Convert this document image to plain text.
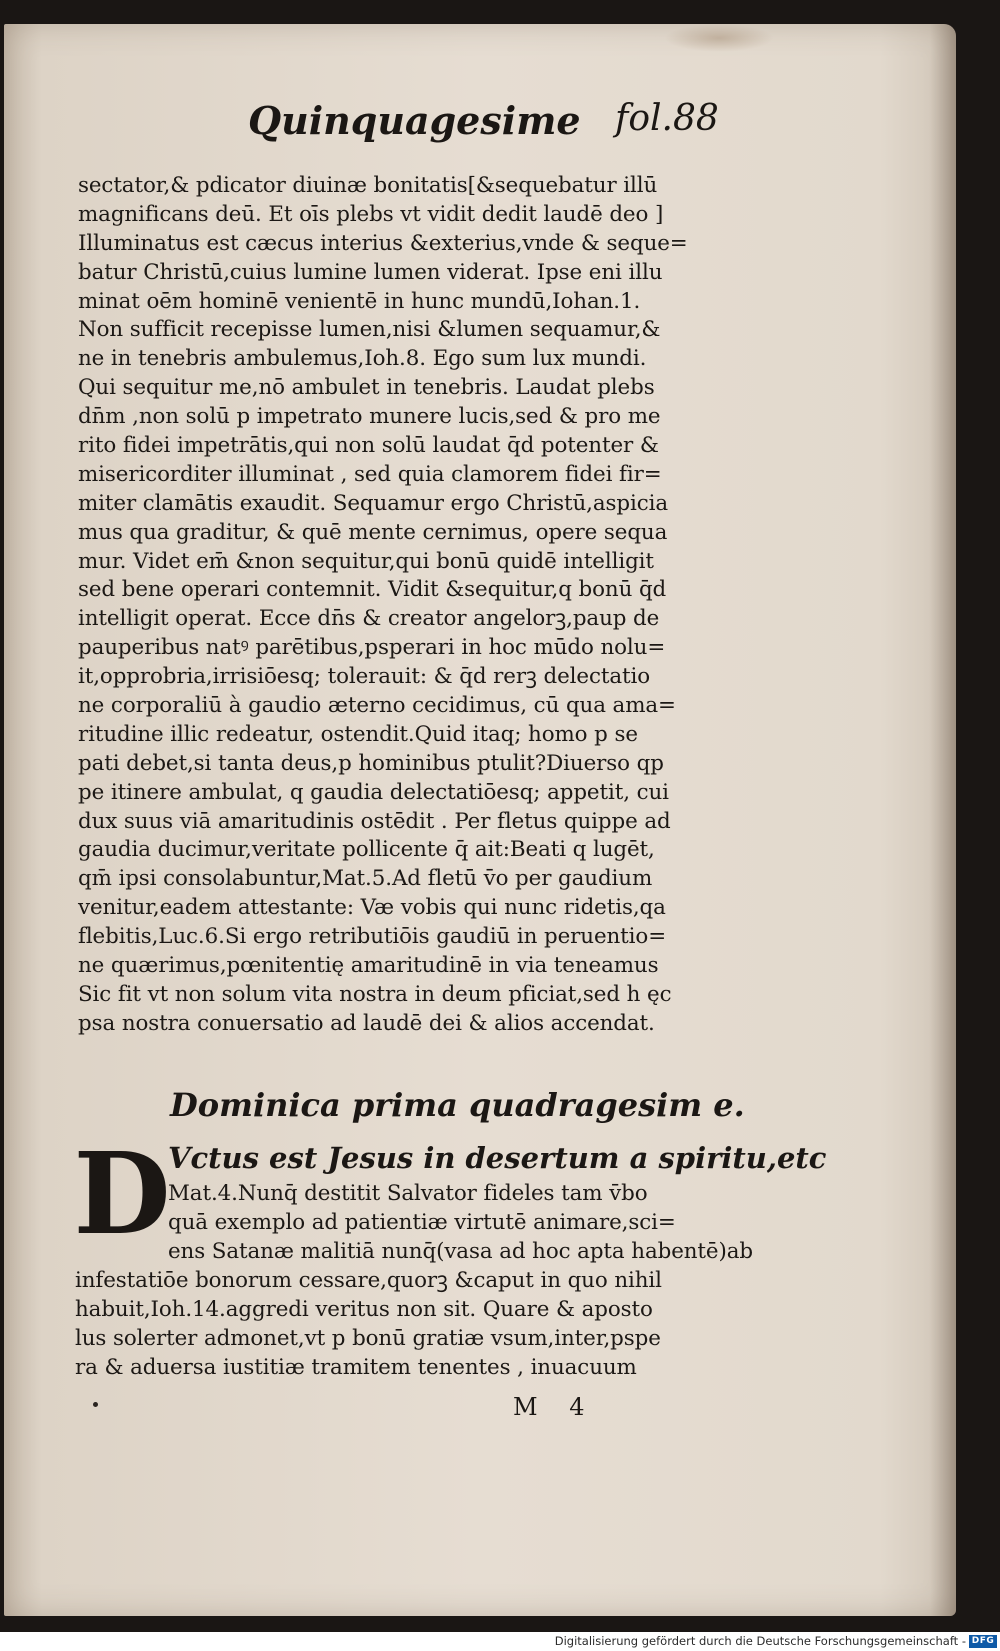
Quinquagesime fol.88
sectator,& pdicator diuinæ bonitatis[&sequebatur illū
magnificans deū. Et oīs plebs vt vidit dedit laudē deo ]
Illuminatus est cæcus interius &exterius,vnde & seque=
batur Christū,cuius lumine lumen viderat. Ipse eni illu
minat oēm hominē venientē in hunc mundū,Iohan.1.
Non sufficit recepisse lumen,nisi &lumen sequamur,&
ne in tenebris ambulemus,Ioh.8. Ego sum lux mundi.
Qui sequitur me,nō ambulet in tenebris. Laudat plebs
dn̄m ,non solū p impetrato munere lucis,sed & pro me
rito fidei impetrātis,qui non solū laudat q̄d potenter &
misericorditer illuminat , sed quia clamorem fidei fir=
miter clamātis exaudit. Sequamur ergo Christū,aspicia
mus qua graditur, & quē mente cernimus, opere sequa
mur. Videt em̄ &non sequitur,qui bonū quidē intelligit
sed bene operari contemnit. Vidit &sequitur,q bonū q̄d
intelligit operat. Ecce dn̄s & creator angelorꝫ,paup de
pauperibus natꝰ parētibus,psperari in hoc mūdo nolu=
it,opprobria,irrisiōesq; tolerauit: & q̄d rerꝫ delectatio
ne corporaliū à gaudio æterno cecidimus, cū qua ama=
ritudine illic redeatur, ostendit.Quid itaq; homo p se
pati debet,si tanta deus,p hominibus ptulit?Diuerso qp
pe itinere ambulat, q gaudia delectatiōesq; appetit, cui
dux suus viā amaritudinis ostēdit . Per fletus quippe ad
gaudia ducimur,veritate pollicente q̄ ait:Beati q lugēt,
qm̄ ipsi consolabuntur,Mat.5.Ad fletū v̄o per gaudium
venitur,eadem attestante: Væ vobis qui nunc ridetis,qa
flebitis,Luc.6.Si ergo retributiōis gaudiū in peruentio=
ne quærimus,pœnitentię amaritudinē in via teneamus
Sic fit vt non solum vita nostra in deum pficiat,sed h ęc
psa nostra conuersatio ad laudē dei & alios accendat.
Dominica prima quadragesim e.
D
Vctus est Jesus in desertum a spiritu,etc
Mat.4.Nunq̄ destitit Salvator fideles tam v̄bo
quā exemplo ad patientiæ virtutē animare,sci=
ens Satanæ malitiā nunq̄(vasa ad hoc apta habentē)ab
infestatiōe bonorum cessare,quorꝫ &caput in quo nihil
habuit,Ioh.14.aggredi veritus non sit. Quare & aposto
lus solerter admonet,vt p bonū gratiæ vsum,inter,pspe
ra & aduersa iustitiæ tramitem tenentes , inuacuum
M 4
Digitalisierung gefördert durch die Deutsche Forschungsgemeinschaft - DFG
